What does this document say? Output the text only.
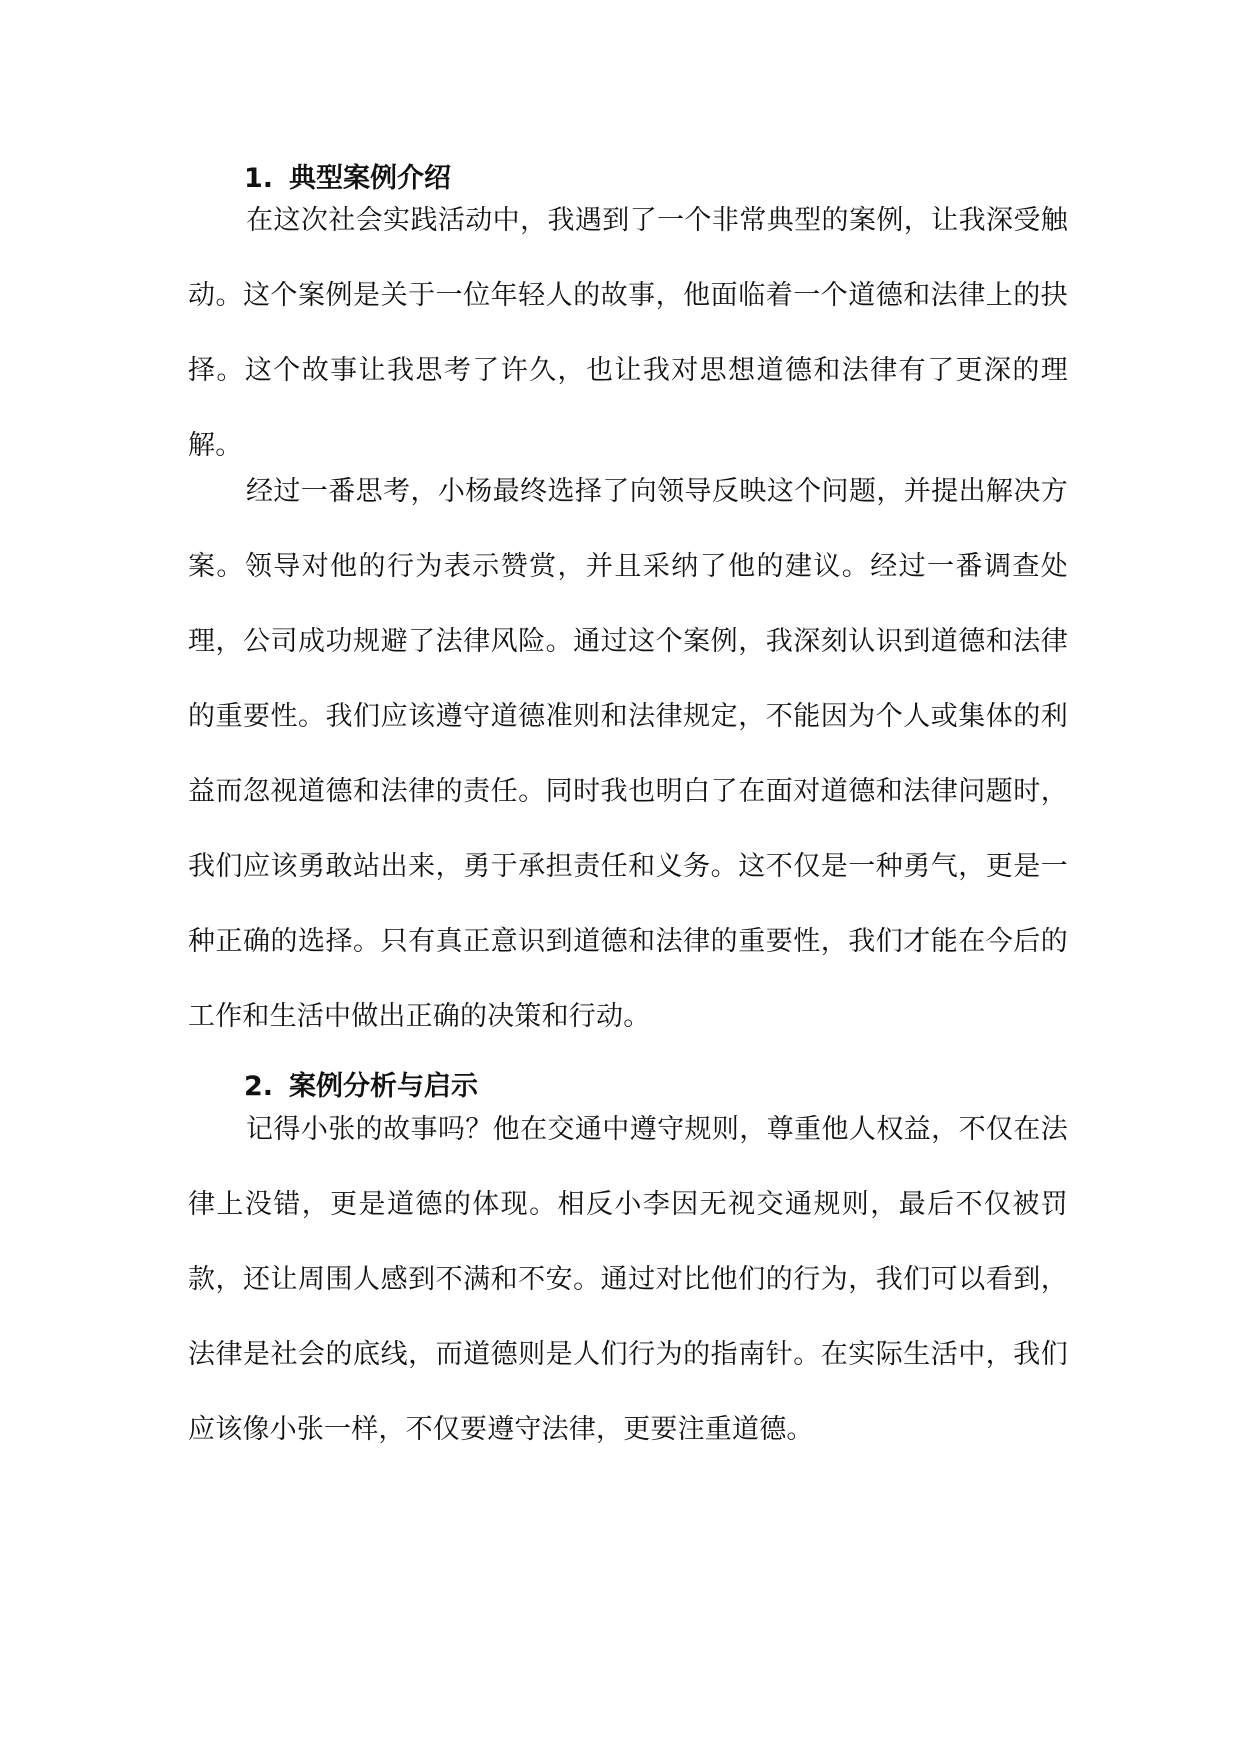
1. 典型案例介绍

在这次社会实践活动中，我遇到了一个非常典型的案例，让我深受触动。这个案例是关于一位年轻人的故事，他面临着一个道德和法律上的抉择。这个故事让我思考了许久，也让我对思想道德和法律有了更深的理解。

经过一番思考，小杨最终选择了向领导反映这个问题，并提出解决方案。领导对他的行为表示赞赏，并且采纳了他的建议。经过一番调查处理，公司成功规避了法律风险。通过这个案例，我深刻认识到道德和法律的重要性。我们应该遵守道德准则和法律规定，不能因为个人或集体的利益而忽视道德和法律的责任。同时我也明白了在面对道德和法律问题时，我们应该勇敢站出来，勇于承担责任和义务。这不仅是一种勇气，更是一种正确的选择。只有真正意识到道德和法律的重要性，我们才能在今后的工作和生活中做出正确的决策和行动。

2. 案例分析与启示

记得小张的故事吗？他在交通中遵守规则，尊重他人权益，不仅在法律上没错，更是道德的体现。相反小李因无视交通规则，最后不仅被罚款，还让周围人感到不满和不安。通过对比他们的行为，我们可以看到，法律是社会的底线，而道德则是人们行为的指南针。在实际生活中，我们应该像小张一样，不仅要遵守法律，更要注重道德。
